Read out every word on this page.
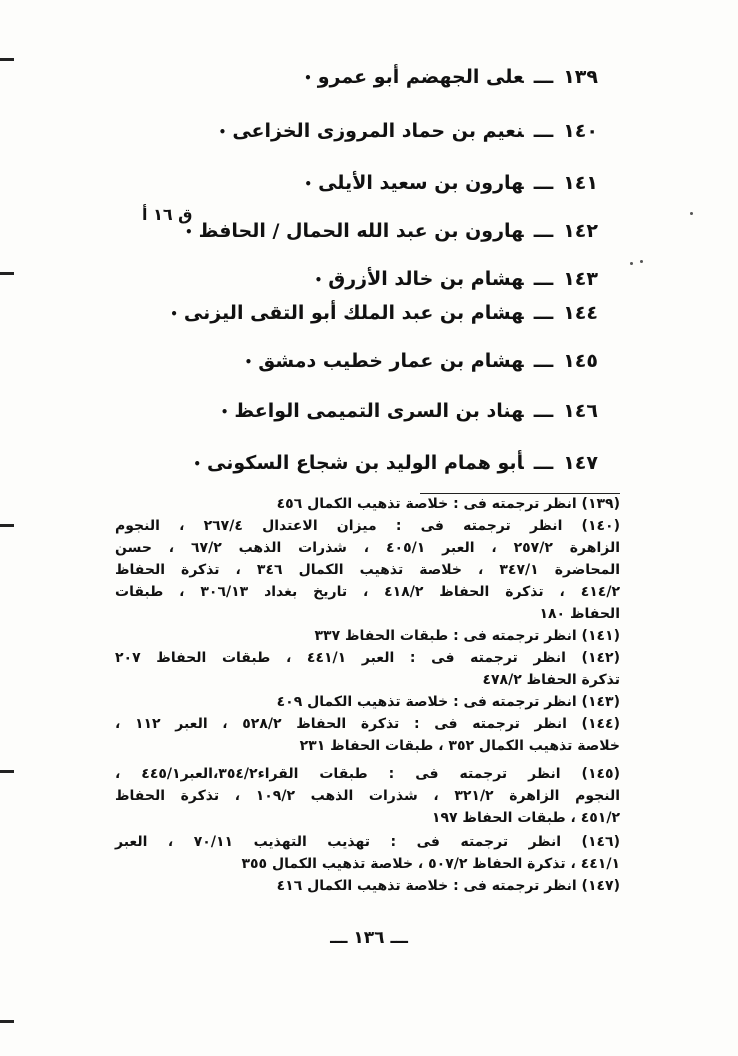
١٣٩ـــعلى الجهضم أبو عمرو•
١٤٠ـــنعيم بن حماد المروزى الخزاعى•
١٤١ـــهارون بن سعيد الأيلى•
١٤٢ـــهارون بن عبد الله الحمال / الحافظ•
١٤٣ـــهشام بن خالد الأزرق•
١٤٤ـــهشام بن عبد الملك أبو التقى اليزنى•
١٤٥ـــهشام بن عمار خطيب دمشق•
١٤٦ـــهناد بن السرى التميمى الواعظ•
١٤٧ـــأبو همام الوليد بن شجاع السكونى•
ق ١٦ أ
(١٣٩) انظر ترجمته فى : خلاصة تذهيب الكمال ٤٥٦
(١٤٠) انظر ترجمته فى : ميزان الاعتدال ٢٦٧/٤ ، النجوم
الزاهرة ٢٥٧/٢ ، العبر ٤٠٥/١ ، شذرات الذهب ٦٧/٢ ، حسن
المحاضرة ٣٤٧/١ ، خلاصة تذهيب الكمال ٣٤٦ ، تذكرة الحفاظ
٤١٤/٢ ، تذكرة الحفاظ ٤١٨/٢ ، تاريخ بغداد ٣٠٦/١٣ ، طبقات
الحفاظ ١٨٠
(١٤١) انظر ترجمته فى : طبقات الحفاظ ٣٣٧
(١٤٢) انظر ترجمته فى : العبر ٤٤١/١ ، طبقات الحفاظ ٢٠٧
تذكرة الحفاظ ٤٧٨/٢
(١٤٣) انظر ترجمته فى : خلاصة تذهيب الكمال ٤٠٩
(١٤٤) انظر ترجمته فى : تذكرة الحفاظ ٥٢٨/٢ ، العبر ١١٢ ،
خلاصة تذهيب الكمال ٣٥٢ ، طبقات الحفاظ ٢٣١
(١٤٥) انظر ترجمته فى : طبقات القراء٣٥٤/٢،العبر٤٤٥/١ ،
النجوم الزاهرة ٣٢١/٢ ، شذرات الذهب ١٠٩/٢ ، تذكرة الحفاظ
٤٥١/٢ ، طبقات الحفاظ ١٩٧
(١٤٦) انظر ترجمته فى : تهذيب التهذيب ٧٠/١١ ، العبر
٤٤١/١ ، تذكرة الحفاظ ٥٠٧/٢ ، خلاصة تذهيب الكمال ٣٥٥
(١٤٧) انظر ترجمته فى : خلاصة تذهيب الكمال ٤١٦
ـــ ١٣٦ ـــ
